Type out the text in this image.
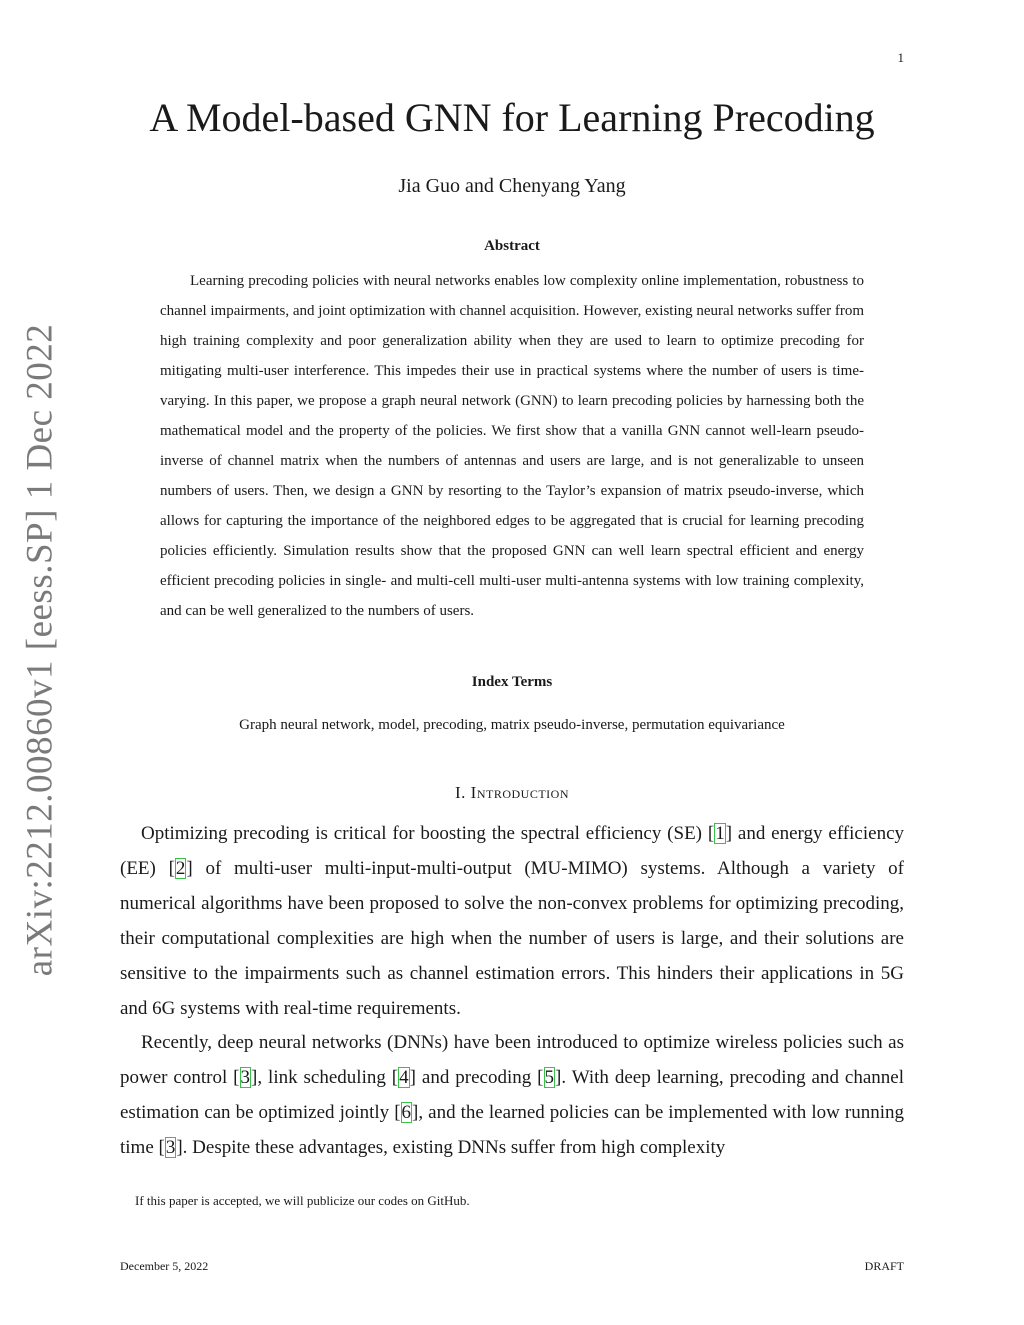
1
arXiv:2212.00860v1 [eess.SP] 1 Dec 2022
A Model-based GNN for Learning Precoding
Jia Guo and Chenyang Yang
Abstract

Learning precoding policies with neural networks enables low complexity online implementation, robustness to channel impairments, and joint optimization with channel acquisition. However, existing neural networks suffer from high training complexity and poor generalization ability when they are used to learn to optimize precoding for mitigating multi-user interference. This impedes their use in practical systems where the number of users is time-varying. In this paper, we propose a graph neural network (GNN) to learn precoding policies by harnessing both the mathematical model and the property of the policies. We first show that a vanilla GNN cannot well-learn pseudo-inverse of channel matrix when the numbers of antennas and users are large, and is not generalizable to unseen numbers of users. Then, we design a GNN by resorting to the Taylor’s expansion of matrix pseudo-inverse, which allows for capturing the importance of the neighbored edges to be aggregated that is crucial for learning precoding policies efficiently. Simulation results show that the proposed GNN can well learn spectral efficient and energy efficient precoding policies in single- and multi-cell multi-user multi-antenna systems with low training complexity, and can be well generalized to the numbers of users.

Index Terms
Graph neural network, model, precoding, matrix pseudo-inverse, permutation equivariance
I. Introduction

Optimizing precoding is critical for boosting the spectral efficiency (SE) [1] and energy efficiency (EE) [2] of multi-user multi-input-multi-output (MU-MIMO) systems. Although a variety of numerical algorithms have been proposed to solve the non-convex problems for optimizing precoding, their computational complexities are high when the number of users is large, and their solutions are sensitive to the impairments such as channel estimation errors. This hinders their applications in 5G and 6G systems with real-time requirements.

Recently, deep neural networks (DNNs) have been introduced to optimize wireless policies such as power control [3], link scheduling [4] and precoding [5]. With deep learning, precoding and channel estimation can be optimized jointly [6], and the learned policies can be implemented with low running time [3]. Despite these advantages, existing DNNs suffer from high complexity

If this paper is accepted, we will publicize our codes on GitHub.
December 5, 2022	DRAFT
